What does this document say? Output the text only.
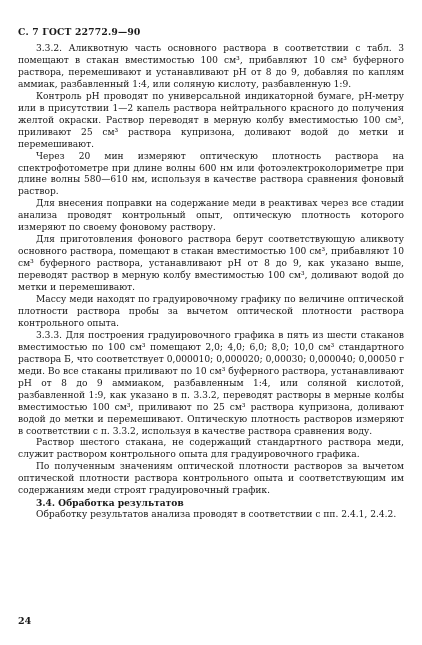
С. 7 ГОСТ 22772.9—90

3.3.2. Аликвотную часть основного раствора в соответствии с табл. 3 помещают в стакан вместимостью 100 см³, прибавляют 10 см³ буферного раствора, перемешивают и устанавливают pH от 8 до 9, добавляя по каплям аммиак, разбавленный 1:4, или соляную кислоту, разбавленную 1:9.

Контроль pH проводят по универсальной индикаторной бумаге, pH-метру или в присутствии 1—2 капель раствора нейтрального красного до получения желтой окраски. Раствор переводят в мерную колбу вместимостью 100 см³, приливают 25 см³ раствора купризона, доливают водой до метки и перемешивают.

Через 20 мин измеряют оптическую плотность раствора на спектрофотометре при длине волны 600 нм или фотоэлектроколориметре при длине волны 580—610 нм, используя в качестве раствора сравнения фоновый раствор.

Для внесения поправки на содержание меди в реактивах через все стадии анализа проводят контрольный опыт, оптическую плотность которого измеряют по своему фоновому раствору.

Для приготовления фонового раствора берут соответствующую аликвоту основного раствора, помещают в стакан вместимостью 100 см³, прибавляют 10 см³ буферного раствора, устанавливают pH от 8 до 9, как указано выше, переводят раствор в мерную колбу вместимостью 100 см³, доливают водой до метки и перемешивают.

Массу меди находят по градуировочному графику по величине оптической плотности раствора пробы за вычетом оптической плотности раствора контрольного опыта.

3.3.3. Для построения градуировочного графика в пять из шести стаканов вместимостью по 100 см³ помещают 2,0; 4,0; 6,0; 8,0; 10,0 см³ стандартного раствора Б, что соответствует 0,000010; 0,000020; 0,00030; 0,000040; 0,00050 г меди. Во все стаканы приливают по 10 см³ буферного раствора, устанавливают pH от 8 до 9 аммиаком, разбавленным 1:4, или соляной кислотой, разбавленной 1:9, как указано в п. 3.3.2, переводят растворы в мерные колбы вместимостью 100 см³, приливают по 25 см³ раствора купризона, доливают водой до метки и перемешивают. Оптическую плотность растворов измеряют в соответствии с п. 3.3.2, используя в качестве раствора сравнения воду.

Раствор шестого стакана, не содержащий стандартного раствора меди, служит раствором контрольного опыта для градуировочного графика.

По полученным значениям оптической плотности растворов за вычетом оптической плотности раствора контрольного опыта и соответствующим им содержаниям меди строят градуировочный график.

3.4. Обработка результатов

Обработку результатов анализа проводят в соответствии с пп. 2.4.1, 2.4.2.

24
